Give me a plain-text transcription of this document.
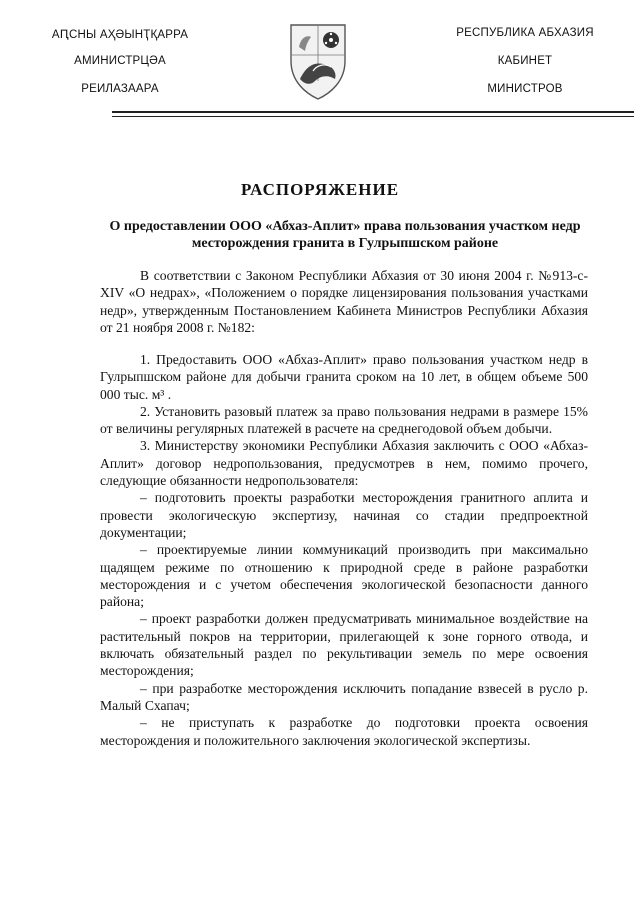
АԤСНЫ АҲӘЫНҬҚАРРА
АМИНИСТРЦӘА
РЕИЛАЗААРА
РЕСПУБЛИКА АБХАЗИЯ
КАБИНЕТ
МИНИСТРОВ
РАСПОРЯЖЕНИЕ
О предоставлении ООО «Абхаз-Аплит» права пользования участком недр месторождения гранита в Гулрыпшском районе

В соответствии с Законом Республики Абхазия от 30 июня 2004 г. №913-с-XIV «О недрах», «Положением о порядке лицензирования пользования участками недр», утвержденным Постановлением Кабинета Министров Республики Абхазия от 21 ноября 2008 г. №182:

1. Предоставить ООО «Абхаз-Аплит» право пользования участком недр в Гулрыпшском районе для добычи гранита сроком на 10 лет, в общем объеме 500 000 тыс. м³ .

2. Установить разовый платеж за право пользования недрами в размере 15% от величины регулярных платежей в расчете на среднегодовой объем добычи.

3. Министерству экономики Республики Абхазия заключить с ООО «Абхаз-Аплит» договор недропользования, предусмотрев в нем, помимо прочего, следующие обязанности недропользователя:

– подготовить проекты разработки месторождения гранитного аплита и провести экологическую экспертизу, начиная со стадии предпроектной документации;

– проектируемые линии коммуникаций производить при максимально щадящем режиме по отношению к природной среде в районе разработки месторождения и с учетом обеспечения экологической безопасности данного района;

– проект разработки должен предусматривать минимальное воздействие на растительный покров на территории, прилегающей к зоне горного отвода, и включать обязательный раздел по рекультивации земель по мере освоения месторождения;

– при разработке месторождения исключить попадание взвесей в русло р. Малый Схапач;

– не приступать к разработке до подготовки проекта освоения месторождения и положительного заключения экологической экспертизы.
